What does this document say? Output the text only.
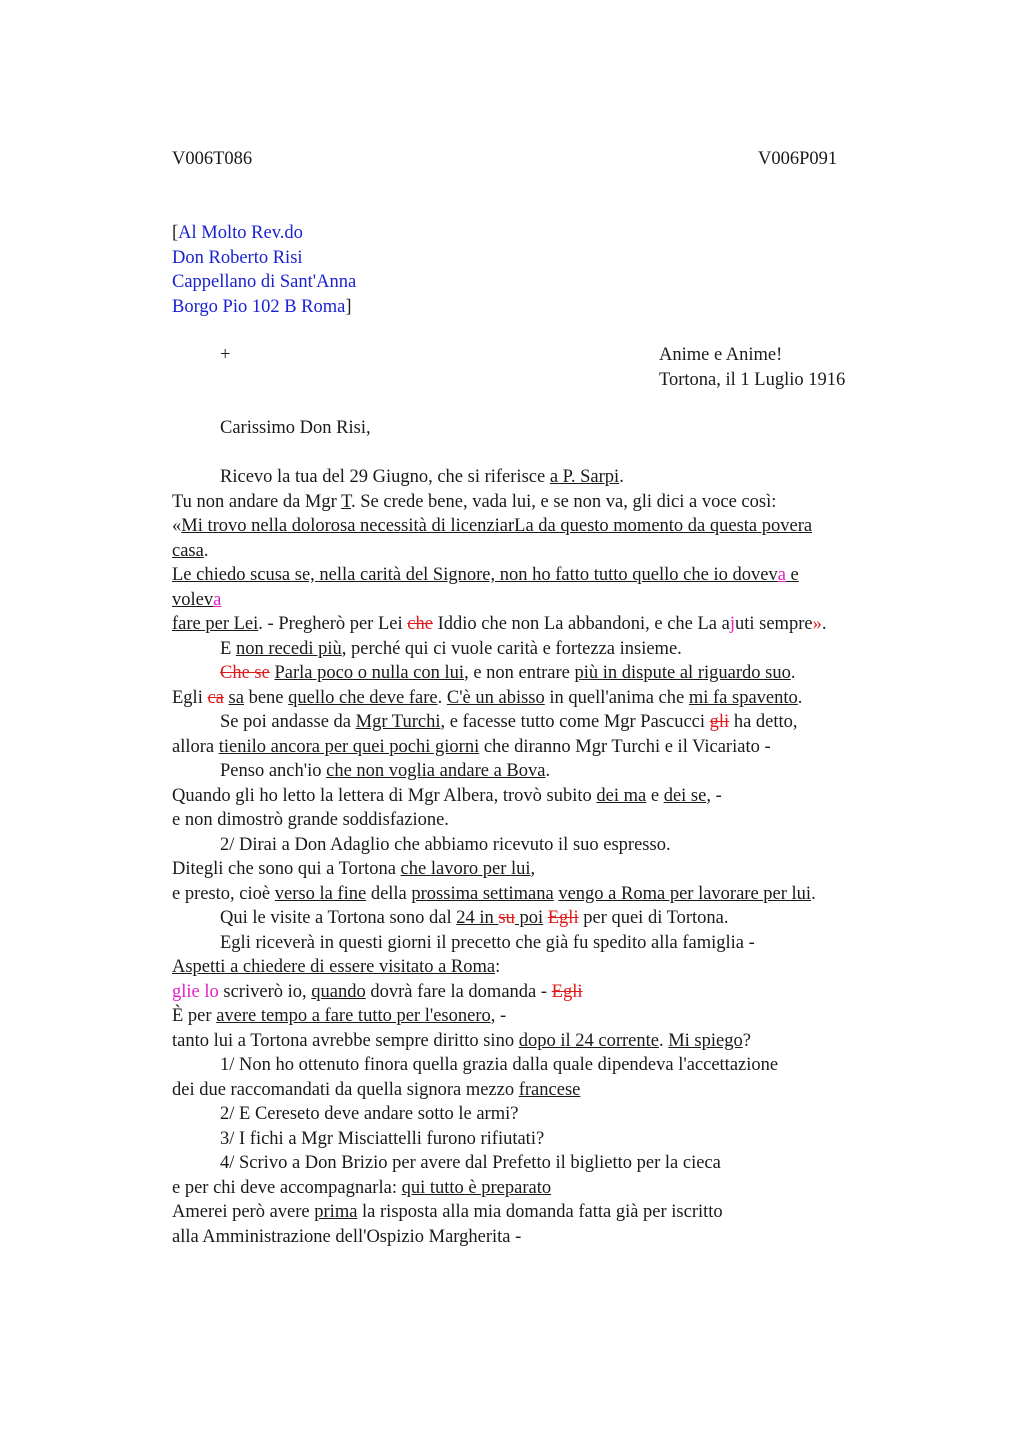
V006T086	V006P091
[Al Molto Rev.do
Don Roberto Risi
Cappellano di Sant'Anna
Borgo Pio 102 B Roma]
+	Anime e Anime!
Tortona, il 1 Luglio 1916
Carissimo Don Risi,
Ricevo la tua del 29 Giugno, che si riferisce a P. Sarpi.
Tu non andare da Mgr T. Se crede bene, vada lui, e se non va, gli dici a voce così:
«Mi trovo nella dolorosa necessità di licenziarLa da questo momento da questa povera
casa.
Le chiedo scusa se, nella carità del Signore, non ho fatto tutto quello che io doveva e
voleva
fare per Lei. - Pregherò per Lei che Iddio che non La abbandoni, e che La ajuti sempre».
E non recedi più, perché qui ci vuole carità e fortezza insieme.
Che se Parla poco o nulla con lui, e non entrare più in dispute al riguardo suo.
Egli ca sa bene quello che deve fare. C'è un abisso in quell'anima che mi fa spavento.
Se poi andasse da Mgr Turchi, e facesse tutto come Mgr Pascucci gli ha detto,
allora tienilo ancora per quei pochi giorni che diranno Mgr Turchi e il Vicariato -
Penso anch'io che non voglia andare a Bova.
Quando gli ho letto la lettera di Mgr Albera, trovò subito dei ma e dei se, -
e non dimostrò grande soddisfazione.
2/ Dirai a Don Adaglio che abbiamo ricevuto il suo espresso.
Ditegli che sono qui a Tortona che lavoro per lui,
e presto, cioè verso la fine della prossima settimana vengo a Roma per lavorare per lui.
Qui le visite a Tortona sono dal 24 in su poi Egli per quei di Tortona.
Egli riceverà in questi giorni il precetto che già fu spedito alla famiglia -
Aspetti a chiedere di essere visitato a Roma:
glie lo scriverò io, quando dovrà fare la domanda - Egli
È per avere tempo a fare tutto per l'esonero, -
tanto lui a Tortona avrebbe sempre diritto sino dopo il 24 corrente. Mi spiego?
1/ Non ho ottenuto finora quella grazia dalla quale dipendeva l'accettazione
dei due raccomandati da quella signora mezzo francese
2/ E Cereseto deve andare sotto le armi?
3/ I fichi a Mgr Misciattelli furono rifiutati?
4/ Scrivo a Don Brizio per avere dal Prefetto il biglietto per la cieca
e per chi deve accompagnarla: qui tutto è preparato
Amerei però avere prima la risposta alla mia domanda fatta già per iscritto
alla Amministrazione dell'Ospizio Margherita -
